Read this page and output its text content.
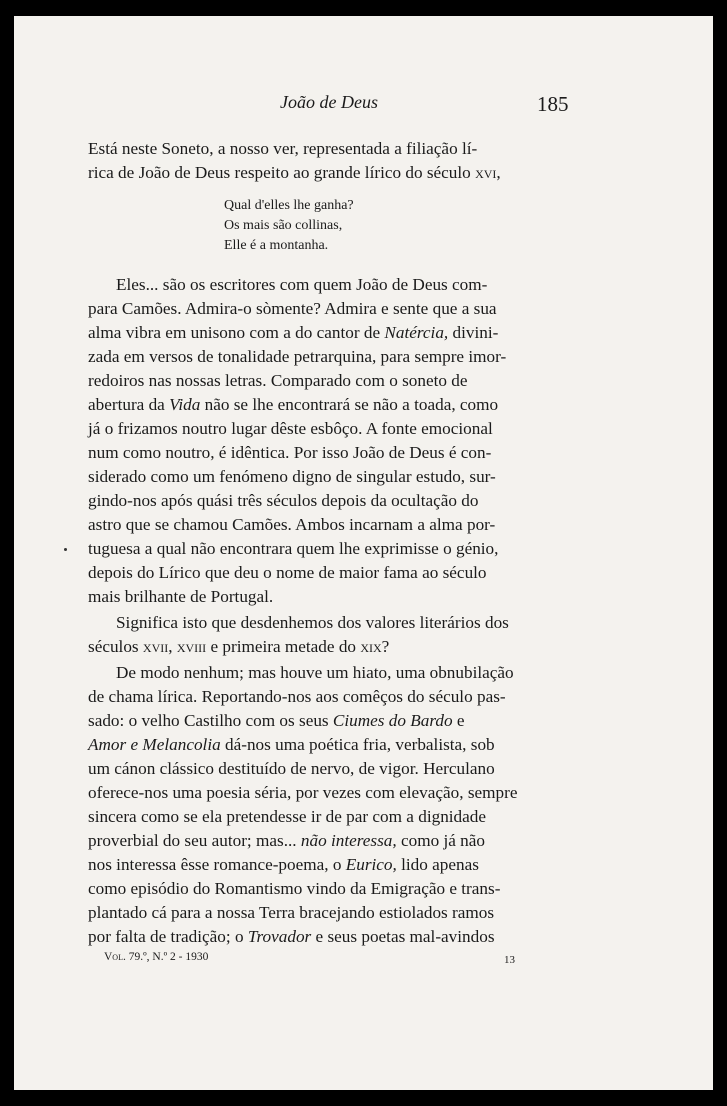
João de Deus	185
Está neste Soneto, a nosso ver, representada a filiação lí-
rica de João de Deus respeito ao grande lírico do século xvi,
Qual d'elles lhe ganha?
Os mais são collinas,
Elle é a montanha.
Eles... são os escritores com quem João de Deus com-
para Camões. Admira-o sòmente? Admira e sente que a sua
alma vibra em unisono com a do cantor de Natércia, divini-
zada em versos de tonalidade petrarquina, para sempre imor-
redoiros nas nossas letras. Comparado com o soneto de
abertura da Vida não se lhe encontrará se não a toada, como
já o frizamos noutro lugar dêste esbôço. A fonte emocional
num como noutro, é idêntica. Por isso João de Deus é con-
siderado como um fenómeno digno de singular estudo, sur-
gindo-nos após quási três séculos depois da ocultação do
astro que se chamou Camões. Ambos incarnam a alma por-
tuguesa a qual não encontrara quem lhe exprimisse o génio,
depois do Lírico que deu o nome de maior fama ao século
mais brilhante de Portugal.
Significa isto que desdenhemos dos valores literários dos
séculos xvii, xviii e primeira metade do xix?
De modo nenhum; mas houve um hiato, uma obnubilação
de chama lírica. Reportando-nos aos comêços do século pas-
sado: o velho Castilho com os seus Ciumes do Bardo e
Amor e Melancolia dá-nos uma poética fria, verbalista, sob
um cánon clássico destituído de nervo, de vigor. Herculano
oferece-nos uma poesia séria, por vezes com elevação, sempre
sincera como se ela pretendesse ir de par com a dignidade
proverbial do seu autor; mas... não interessa, como já não
nos interessa êsse romance-poema, o Eurico, lido apenas
como episódio do Romantismo vindo da Emigração e trans-
plantado cá para a nossa Terra bracejando estiolados ramos
por falta de tradição; o Trovador e seus poetas mal-avindos
Vol. 79.º, N.º 2 - 1930	13
